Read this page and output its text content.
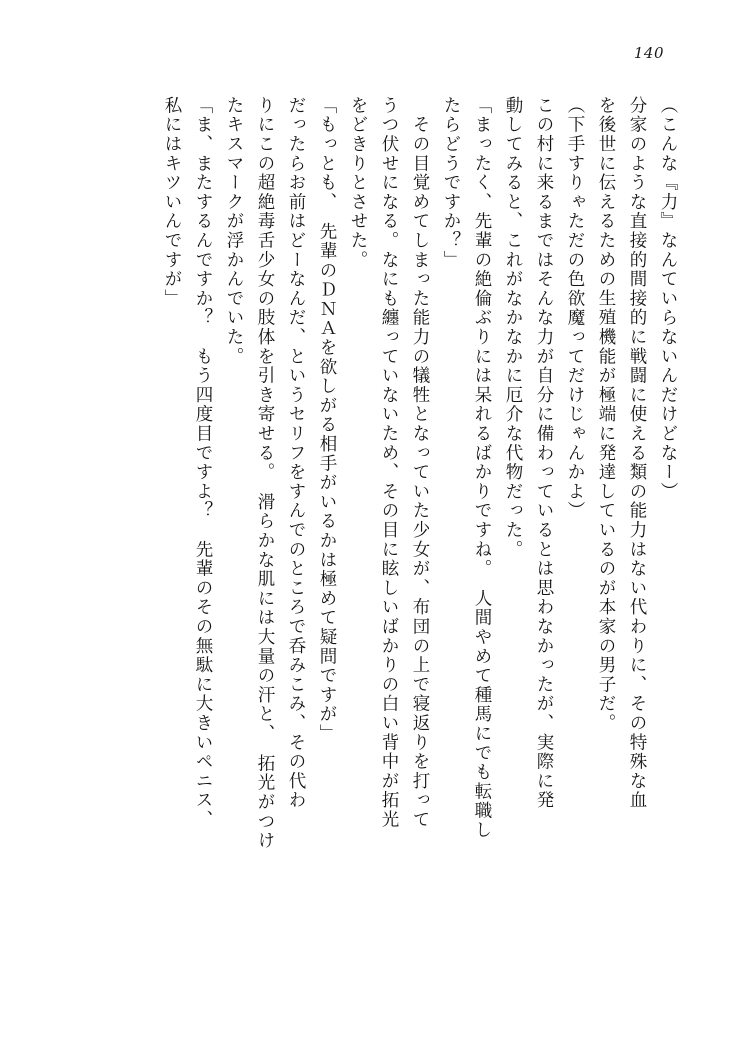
140
（こんな『力』なんていらないんだけどなー）
分家のような直接的間接的に戦闘に使える類の能力はない代わりに、その特殊な血
を後世に伝えるための生殖機能が極端に発達しているのが本家の男子だ。
（下手すりゃただの色欲魔ってだけじゃんかよ）
この村に来るまではそんな力が自分に備わっているとは思わなかったが、実際に発
動してみると、これがなかなかに厄介な代物だった。
「まったく、先輩の絶倫ぶりには呆れるばかりですね。　人間やめて種馬にでも転職し
たらどうですか？」
　その目覚めてしまった能力の犠牲となっていた少女が、布団の上で寝返りを打って
うつ伏せになる。なにも纏っていないため、その目に眩しいばかりの白い背中が拓光
をどきりとさせた。
「もっとも、　先輩のＤＮＡを欲しがる相手がいるかは極めて疑問ですが」
だったらお前はどーなんだ、というセリフをすんでのところで呑みこみ、その代わ
りにこの超絶毒舌少女の肢体を引き寄せる。　滑らかな肌には大量の汗と、　拓光がつけ
たキスマークが浮かんでいた。
「ま、またするんですか？　もう四度目ですよ？　先輩のその無駄に大きいペニス、
私にはキツいんですが」
